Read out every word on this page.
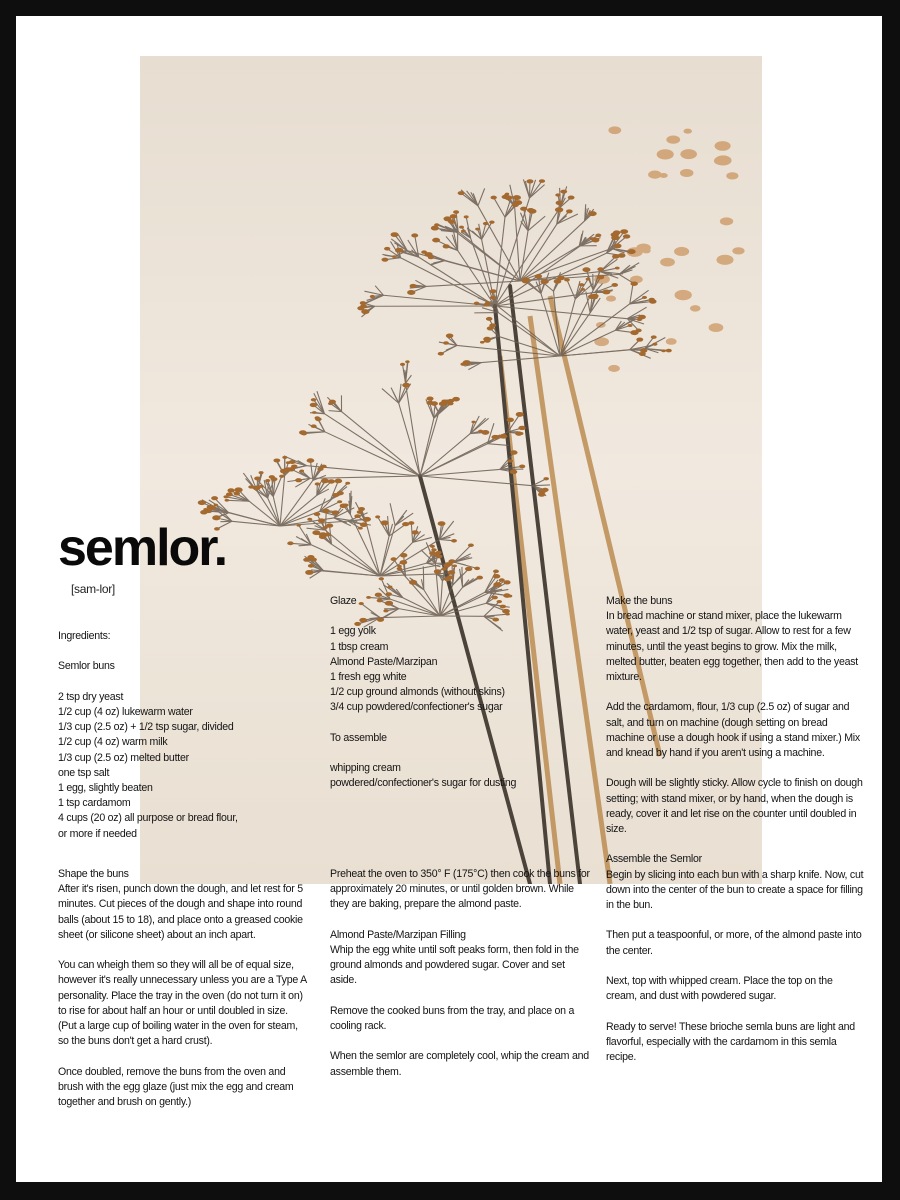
semlor.
[sam-lor]

Ingredients:

Semlor buns

2 tsp dry yeast

1/2 cup (4 oz) lukewarm water

1/3 cup (2.5 oz) + 1/2 tsp sugar, divided

1/2 cup (4 oz) warm milk

1/3 cup (2.5 oz) melted butter

one tsp salt

1 egg, slightly beaten

1 tsp cardamom

4 cups (20 oz) all purpose or bread flour,

or more if needed

Shape the buns

After it's risen, punch down the dough, and let rest for 5 minutes. Cut pieces of the dough and shape into round balls (about 15 to 18), and place onto a greased cookie sheet (or silicone sheet) about an inch apart.

You can wheigh them so they will all be of equal size, however it's really unnecessary unless you are a Type A personality. Place the tray in the oven (do not turn it on) to rise for about half an hour or until doubled in size. (Put a large cup of boiling water in the oven for steam, so the buns don't get a hard crust).

Once doubled, remove the buns from the oven and brush with the egg glaze (just mix the egg and cream together and brush on gently.)

Glaze

1 egg yolk

1 tbsp cream

Almond Paste/Marzipan

1 fresh egg white

1/2 cup ground almonds (without skins)

3/4 cup powdered/confectioner's sugar

To assemble

whipping cream

powdered/confectioner's sugar for dusting

Preheat the oven to 350° F (175°C) then cook the buns for approximately 20 minutes, or until golden brown. While they are baking, prepare the almond paste.

Almond Paste/Marzipan Filling

Whip the egg white until soft peaks form, then fold in the ground almonds and powdered sugar. Cover and set aside.

Remove the cooked buns from the tray, and place on a cooling rack.

When the semlor are completely cool, whip the cream and assemble them.

Make the buns

In bread machine or stand mixer, place the lukewarm water, yeast and 1/2 tsp of sugar. Allow to rest for a few minutes, until the yeast begins to grow. Mix the milk, melted butter, beaten egg together, then add to the yeast mixture.

Add the cardamom, flour, 1/3 cup (2.5 oz) of sugar and salt, and turn on machine (dough setting on bread machine or use a dough hook if using a stand mixer.) Mix and knead by hand if you aren't using a machine.

Dough will be slightly sticky. Allow cycle to finish on dough setting; with stand mixer, or by hand, when the dough is ready, cover it and let rise on the counter until doubled in size.

Assemble the Semlor

Begin by slicing into each bun with a sharp knife. Now, cut down into the center of the bun to create a space for filling in the bun.

Then put a teaspoonful, or more, of the almond paste into the center.

Next, top with whipped cream. Place the top on the cream, and dust with powdered sugar.

Ready to serve! These brioche semla buns are light and flavorful, especially with the cardamom in this semla recipe.
